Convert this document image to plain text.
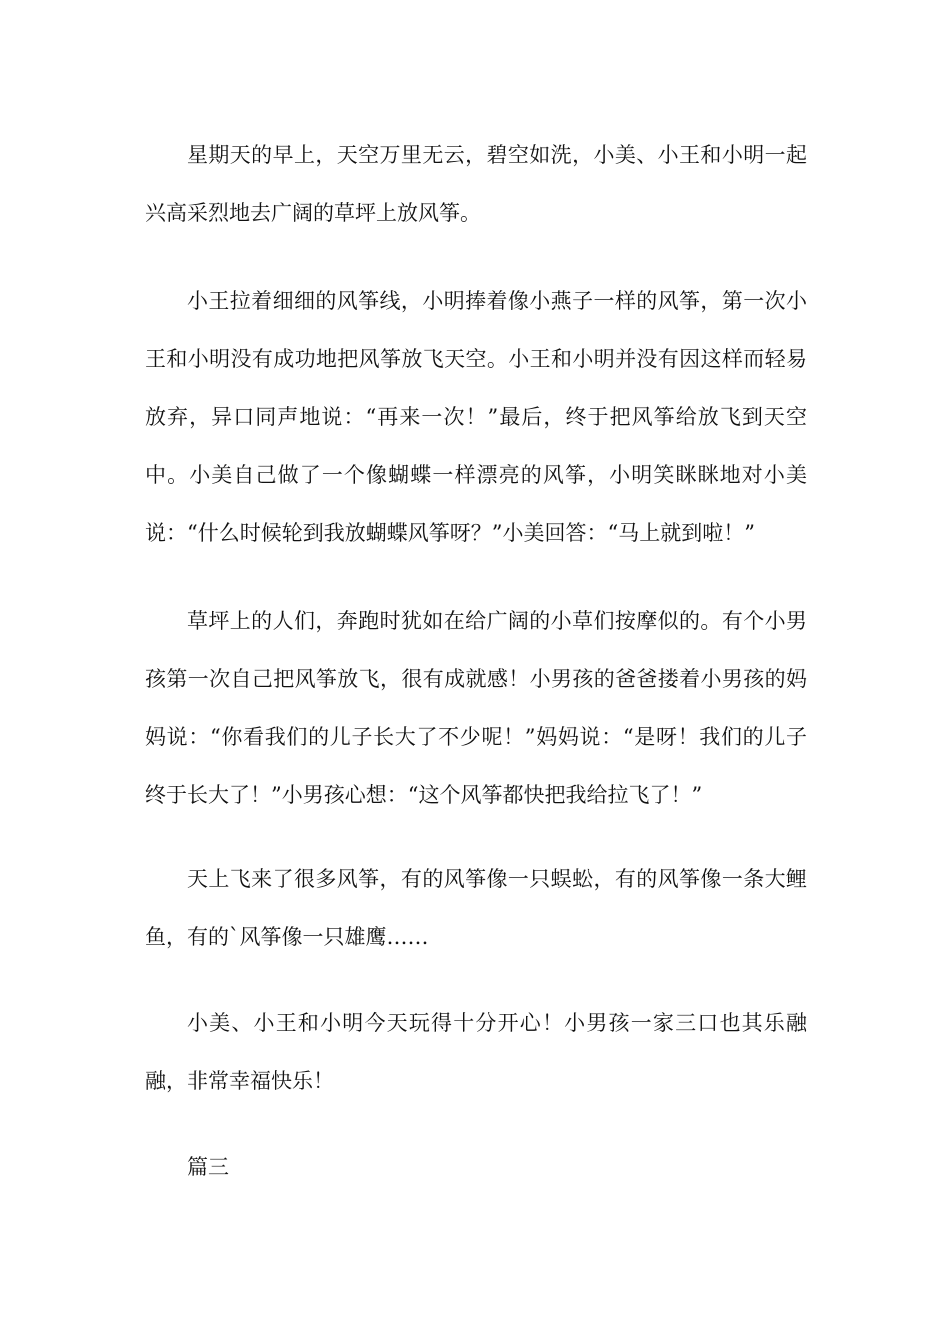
星期天的早上，天空万里无云，碧空如洗，小美、小王和小明一起兴高采烈地去广阔的草坪上放风筝。

小王拉着细细的风筝线，小明捧着像小燕子一样的风筝，第一次小王和小明没有成功地把风筝放飞天空。小王和小明并没有因这样而轻易放弃，异口同声地说：“再来一次！”最后，终于把风筝给放飞到天空中。小美自己做了一个像蝴蝶一样漂亮的风筝，小明笑眯眯地对小美说：“什么时候轮到我放蝴蝶风筝呀？”小美回答：“马上就到啦！”

草坪上的人们，奔跑时犹如在给广阔的小草们按摩似的。有个小男孩第一次自己把风筝放飞，很有成就感！小男孩的爸爸搂着小男孩的妈妈说：“你看我们的儿子长大了不少呢！”妈妈说：“是呀！我们的儿子终于长大了！”小男孩心想：“这个风筝都快把我给拉飞了！”

天上飞来了很多风筝，有的风筝像一只蜈蚣，有的风筝像一条大鲤鱼，有的`风筝像一只雄鹰……

小美、小王和小明今天玩得十分开心！小男孩一家三口也其乐融融，非常幸福快乐！

篇三
